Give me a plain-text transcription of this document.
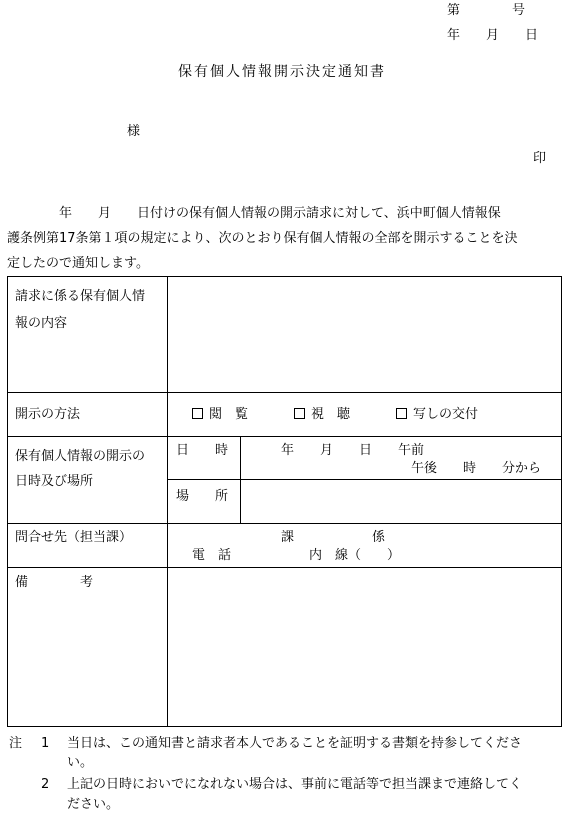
第　　　　号
年　　月　　日
保有個人情報開示決定通知書
様
印
　　　　年　　月　　日付けの保有個人情報の開示請求に対して、浜中町個人情報保
護条例第17条第１項の規定により、次のとおり保有個人情報の全部を開示することを決
定したので通知します。
請求に係る保有個人情
報の内容
開示の方法	閲　覧	視　聴	写しの交付
保有個人情報の開示の
日時及び場所
日　　時	年　　月　　日　　午前
午後　　時　　分から
場　　所
問合せ先（担当課）	課　　　　　　係
電　話	内　線（　　）
備　　　　考
注 1 当日は、この通知書と請求者本人であることを証明する書類を持参してくださ
い。
2 上記の日時においでになれない場合は、事前に電話等で担当課まで連絡してく
ださい。
